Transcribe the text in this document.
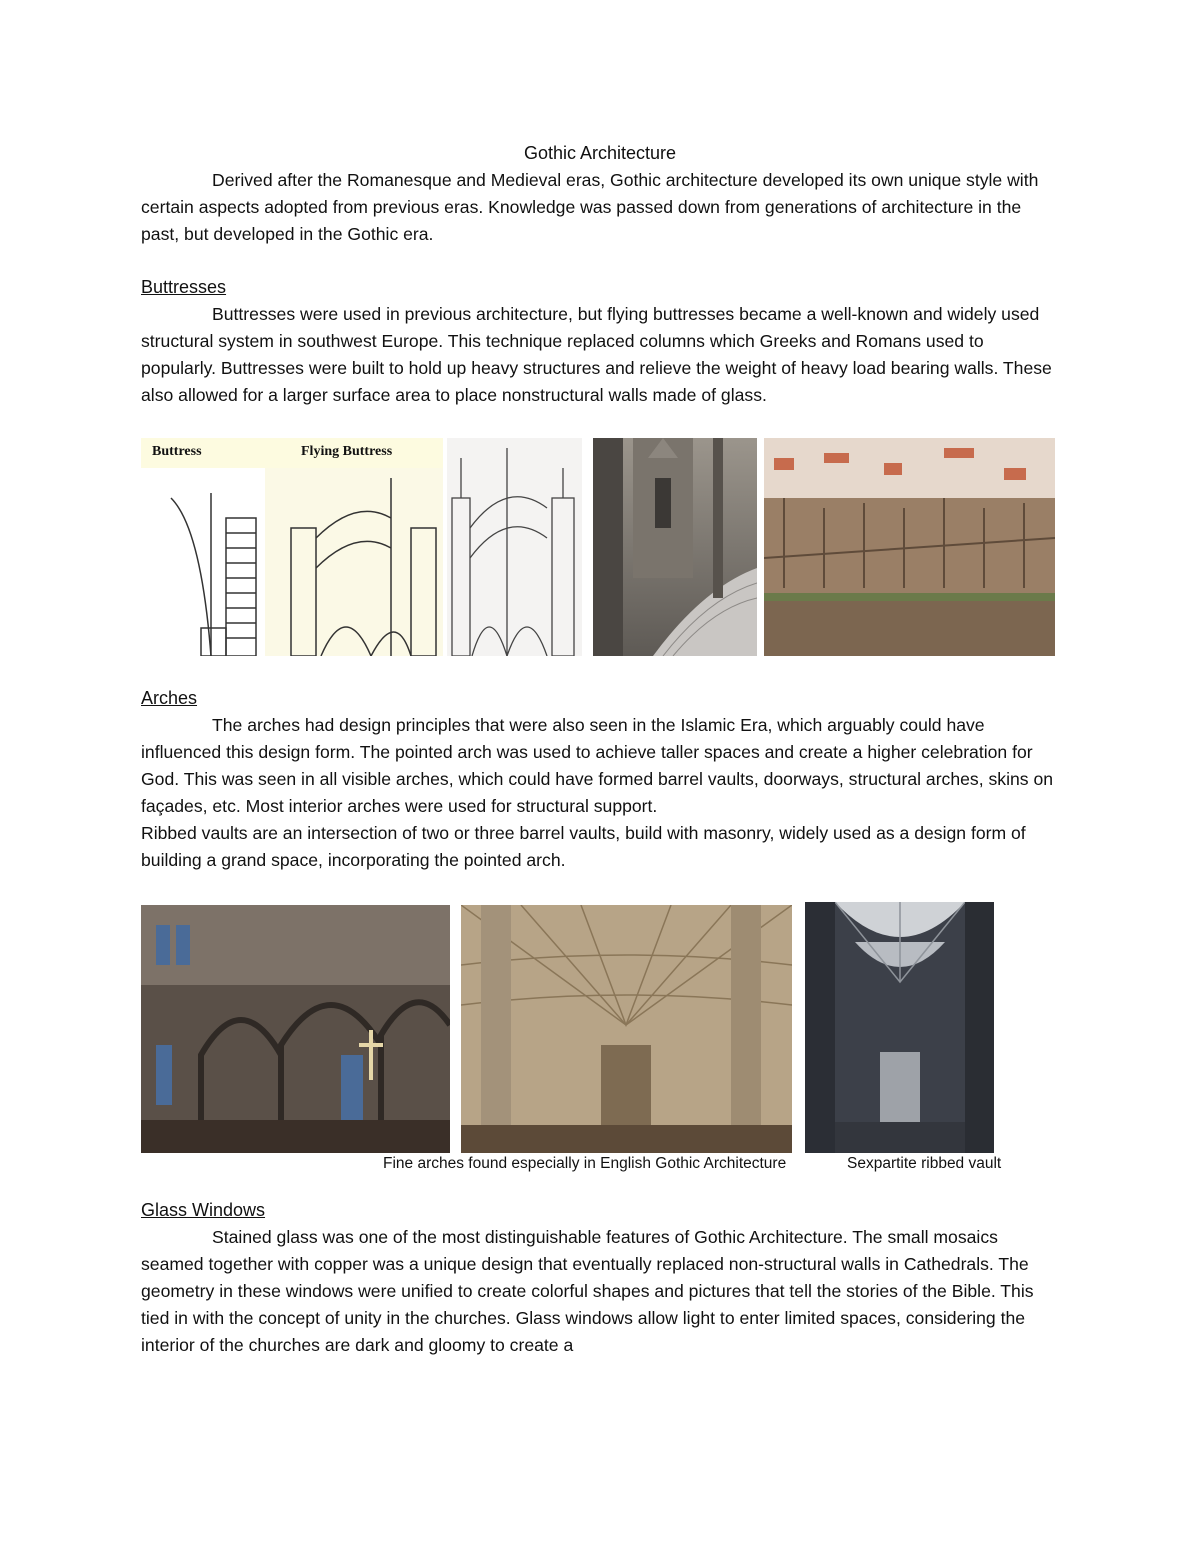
Gothic Architecture

Derived after the Romanesque and Medieval eras, Gothic architecture developed its own unique style with certain aspects adopted from previous eras. Knowledge was passed down from generations of architecture in the past, but developed in the Gothic era.

Buttresses

Buttresses were used in previous architecture, but flying buttresses became a well-known and widely used structural system in southwest Europe. This technique replaced columns which Greeks and Romans used to popularly. Buttresses were built to hold up heavy structures and relieve the weight of heavy load bearing walls. These also allowed for a larger surface area to place nonstructural walls made of glass.

Buttress	Flying Buttress

Arches

The arches had design principles that were also seen in the Islamic Era, which arguably could have influenced this design form. The pointed arch was used to achieve taller spaces and create a higher celebration for God. This was seen in all visible arches, which could have formed barrel vaults, doorways, structural arches, skins on façades, etc. Most interior arches were used for structural support.

Ribbed vaults are an intersection of two or three barrel vaults, build with masonry, widely used as a design form of building a grand space, incorporating the pointed arch.

Fine arches found especially in English Gothic Architecture	Sexpartite ribbed vault

Glass Windows

Stained glass was one of the most distinguishable features of Gothic Architecture. The small mosaics seamed together with copper was a unique design that eventually replaced non-structural walls in Cathedrals. The geometry in these windows were unified to create colorful shapes and pictures that tell the stories of the Bible. This tied in with the concept of unity in the churches. Glass windows allow light to enter limited spaces, considering the interior of the churches are dark and gloomy to create a
